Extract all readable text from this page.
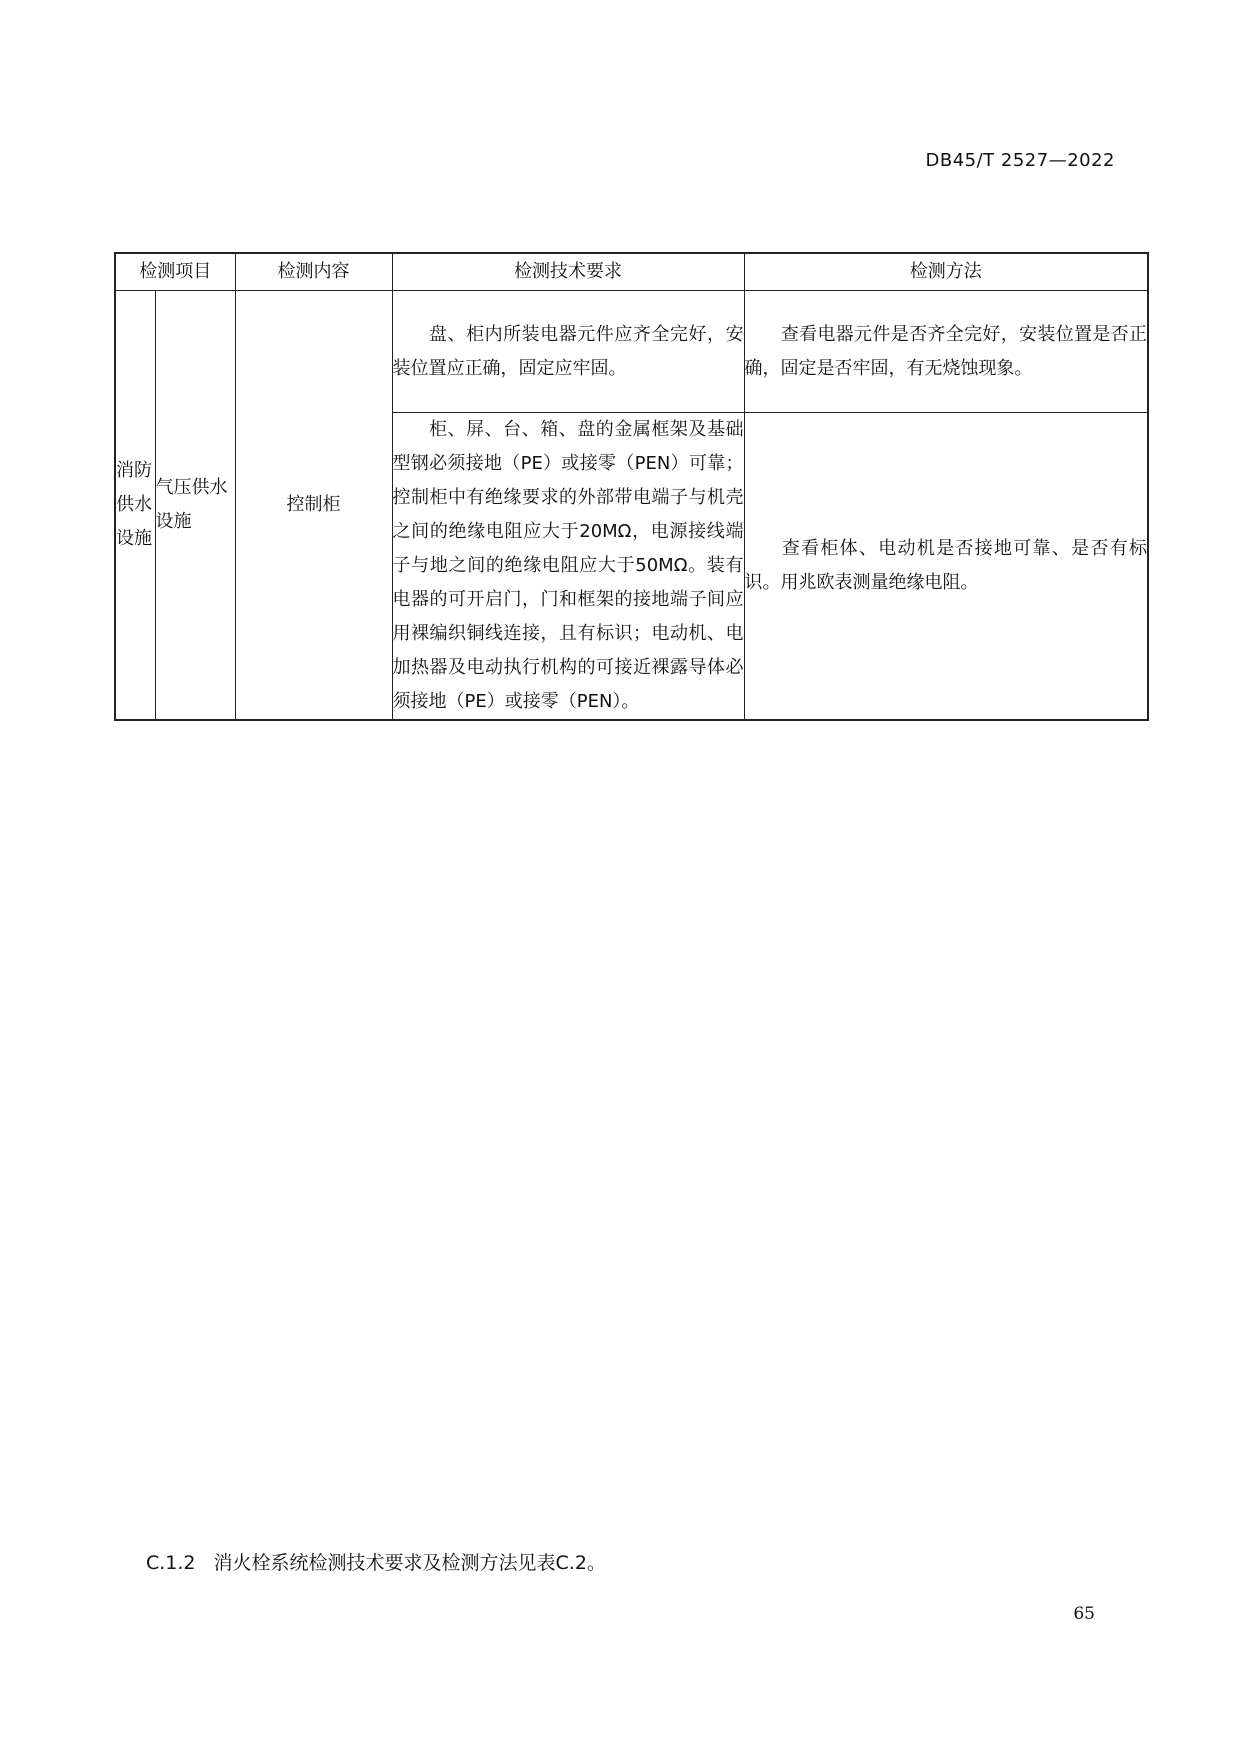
DB45/T 2527—2022
检测项目		检测内容	检测技术要求	检测方法
消防供水设施	气压供水设施	控制柜	盘、柜内所装电器元件应齐全完好，安装位置应正确，固定应牢固。	查看电器元件是否齐全完好，安装位置是否正确，固定是否牢固，有无烧蚀现象。
			柜、屏、台、箱、盘的金属框架及基础型钢必须接地（PE）或接零（PEN）可靠；控制柜中有绝缘要求的外部带电端子与机壳之间的绝缘电阻应大于20MΩ，电源接线端子与地之间的绝缘电阻应大于50MΩ。装有电器的可开启门，门和框架的接地端子间应用裸编织铜线连接，且有标识；电动机、电加热器及电动执行机构的可接近裸露导体必须接地（PE）或接零（PEN）。	查看柜体、电动机是否接地可靠、是否有标识。用兆欧表测量绝缘电阻。
C.1.2 消火栓系统检测技术要求及检测方法见表C.2。
65
